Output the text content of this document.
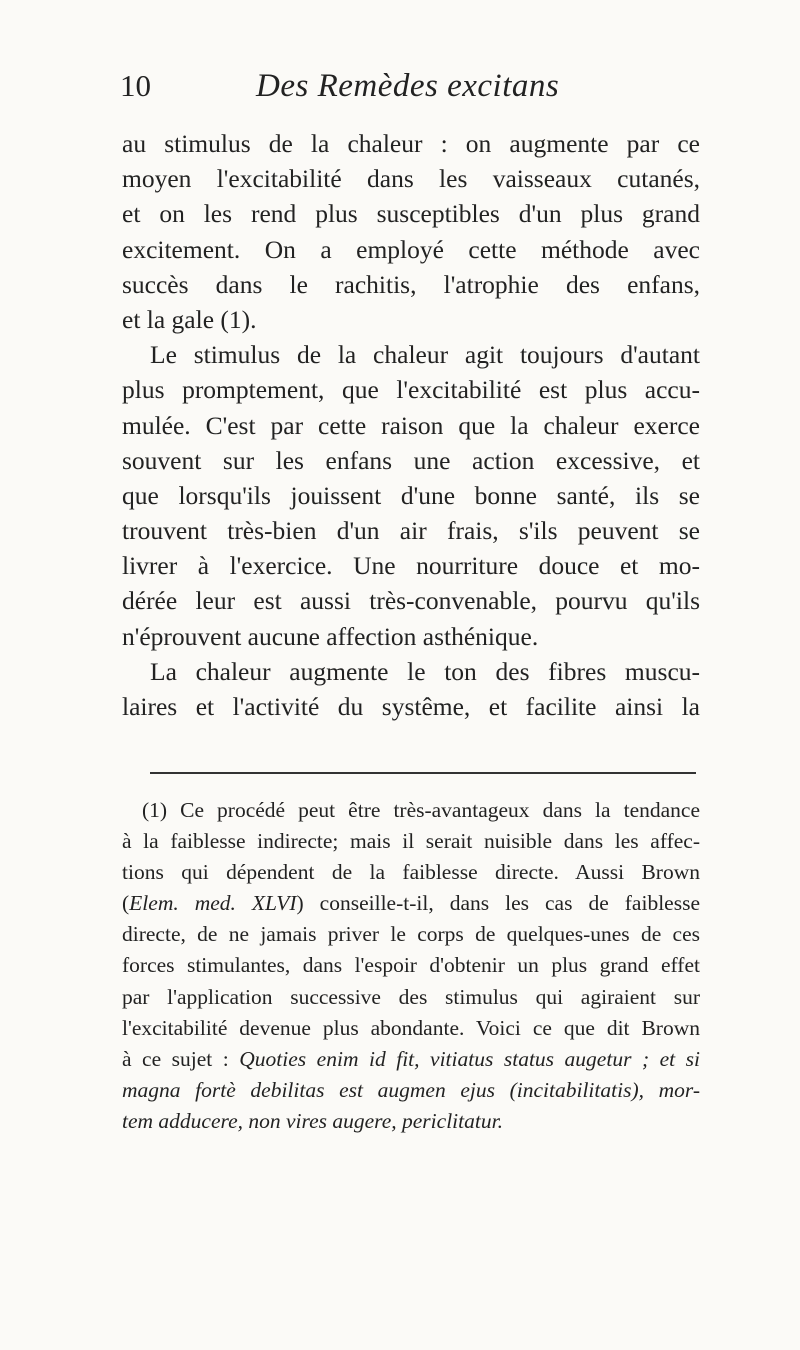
10	Des Remèdes excitans
au stimulus de la chaleur : on augmente par ce
moyen l'excitabilité dans les vaisseaux cutanés,
et on les rend plus susceptibles d'un plus grand
excitement. On a employé cette méthode avec
succès dans le rachitis, l'atrophie des enfans,
et la gale (1).
Le stimulus de la chaleur agit toujours d'autant
plus promptement, que l'excitabilité est plus accu-
mulée. C'est par cette raison que la chaleur exerce
souvent sur les enfans une action excessive, et
que lorsqu'ils jouissent d'une bonne santé, ils se
trouvent très-bien d'un air frais, s'ils peuvent se
livrer à l'exercice. Une nourriture douce et mo-
dérée leur est aussi très-convenable, pourvu qu'ils
n'éprouvent aucune affection asthénique.
La chaleur augmente le ton des fibres muscu-
laires et l'activité du systême, et facilite ainsi la
(1) Ce procédé peut être très-avantageux dans la tendance
à la faiblesse indirecte; mais il serait nuisible dans les affec-
tions qui dépendent de la faiblesse directe. Aussi Brown
(Elem. med. XLVI) conseille-t-il, dans les cas de faiblesse
directe, de ne jamais priver le corps de quelques-unes de ces
forces stimulantes, dans l'espoir d'obtenir un plus grand effet
par l'application successive des stimulus qui agiraient sur
l'excitabilité devenue plus abondante. Voici ce que dit Brown
à ce sujet : Quoties enim id fit, vitiatus status augetur ; et si
magna fortè debilitas est augmen ejus (incitabilitatis), mor-
tem adducere, non vires augere, periclitatur.
